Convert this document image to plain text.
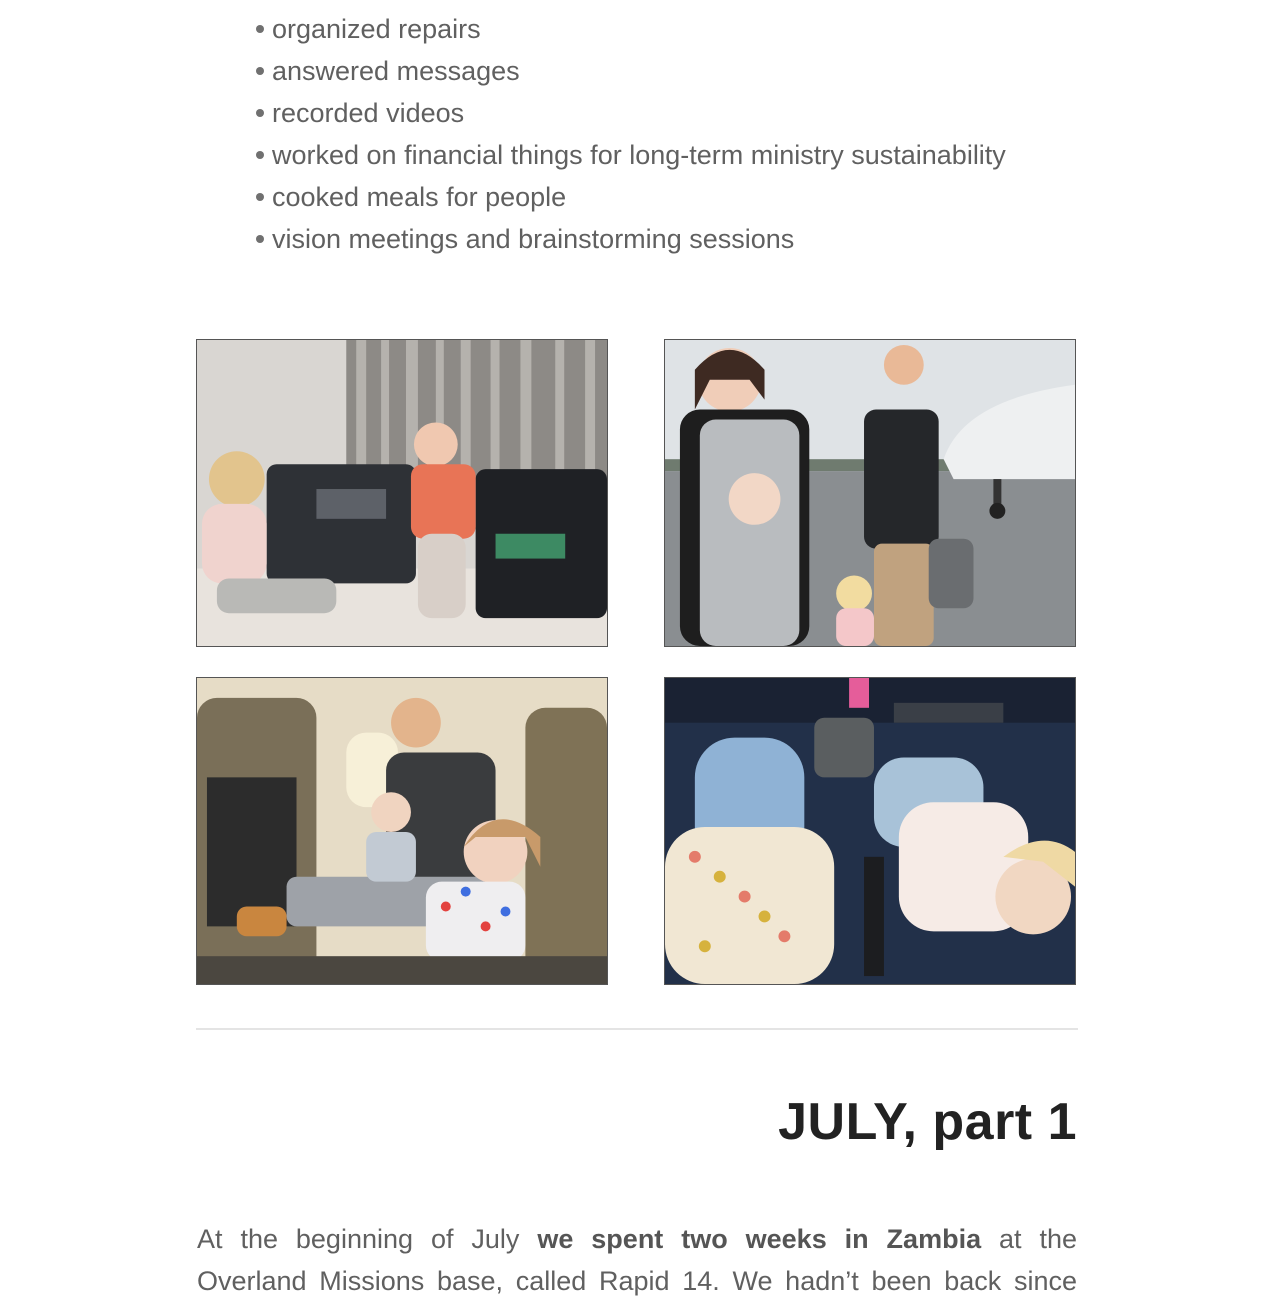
organized repairs
answered messages
recorded videos
worked on financial things for long-term ministry sustainability
cooked meals for people
vision meetings and brainstorming sessions
JULY, part 1

At the beginning of July we spent two weeks in Zambia at the
Overland Missions base, called Rapid 14. We hadn’t been back since
